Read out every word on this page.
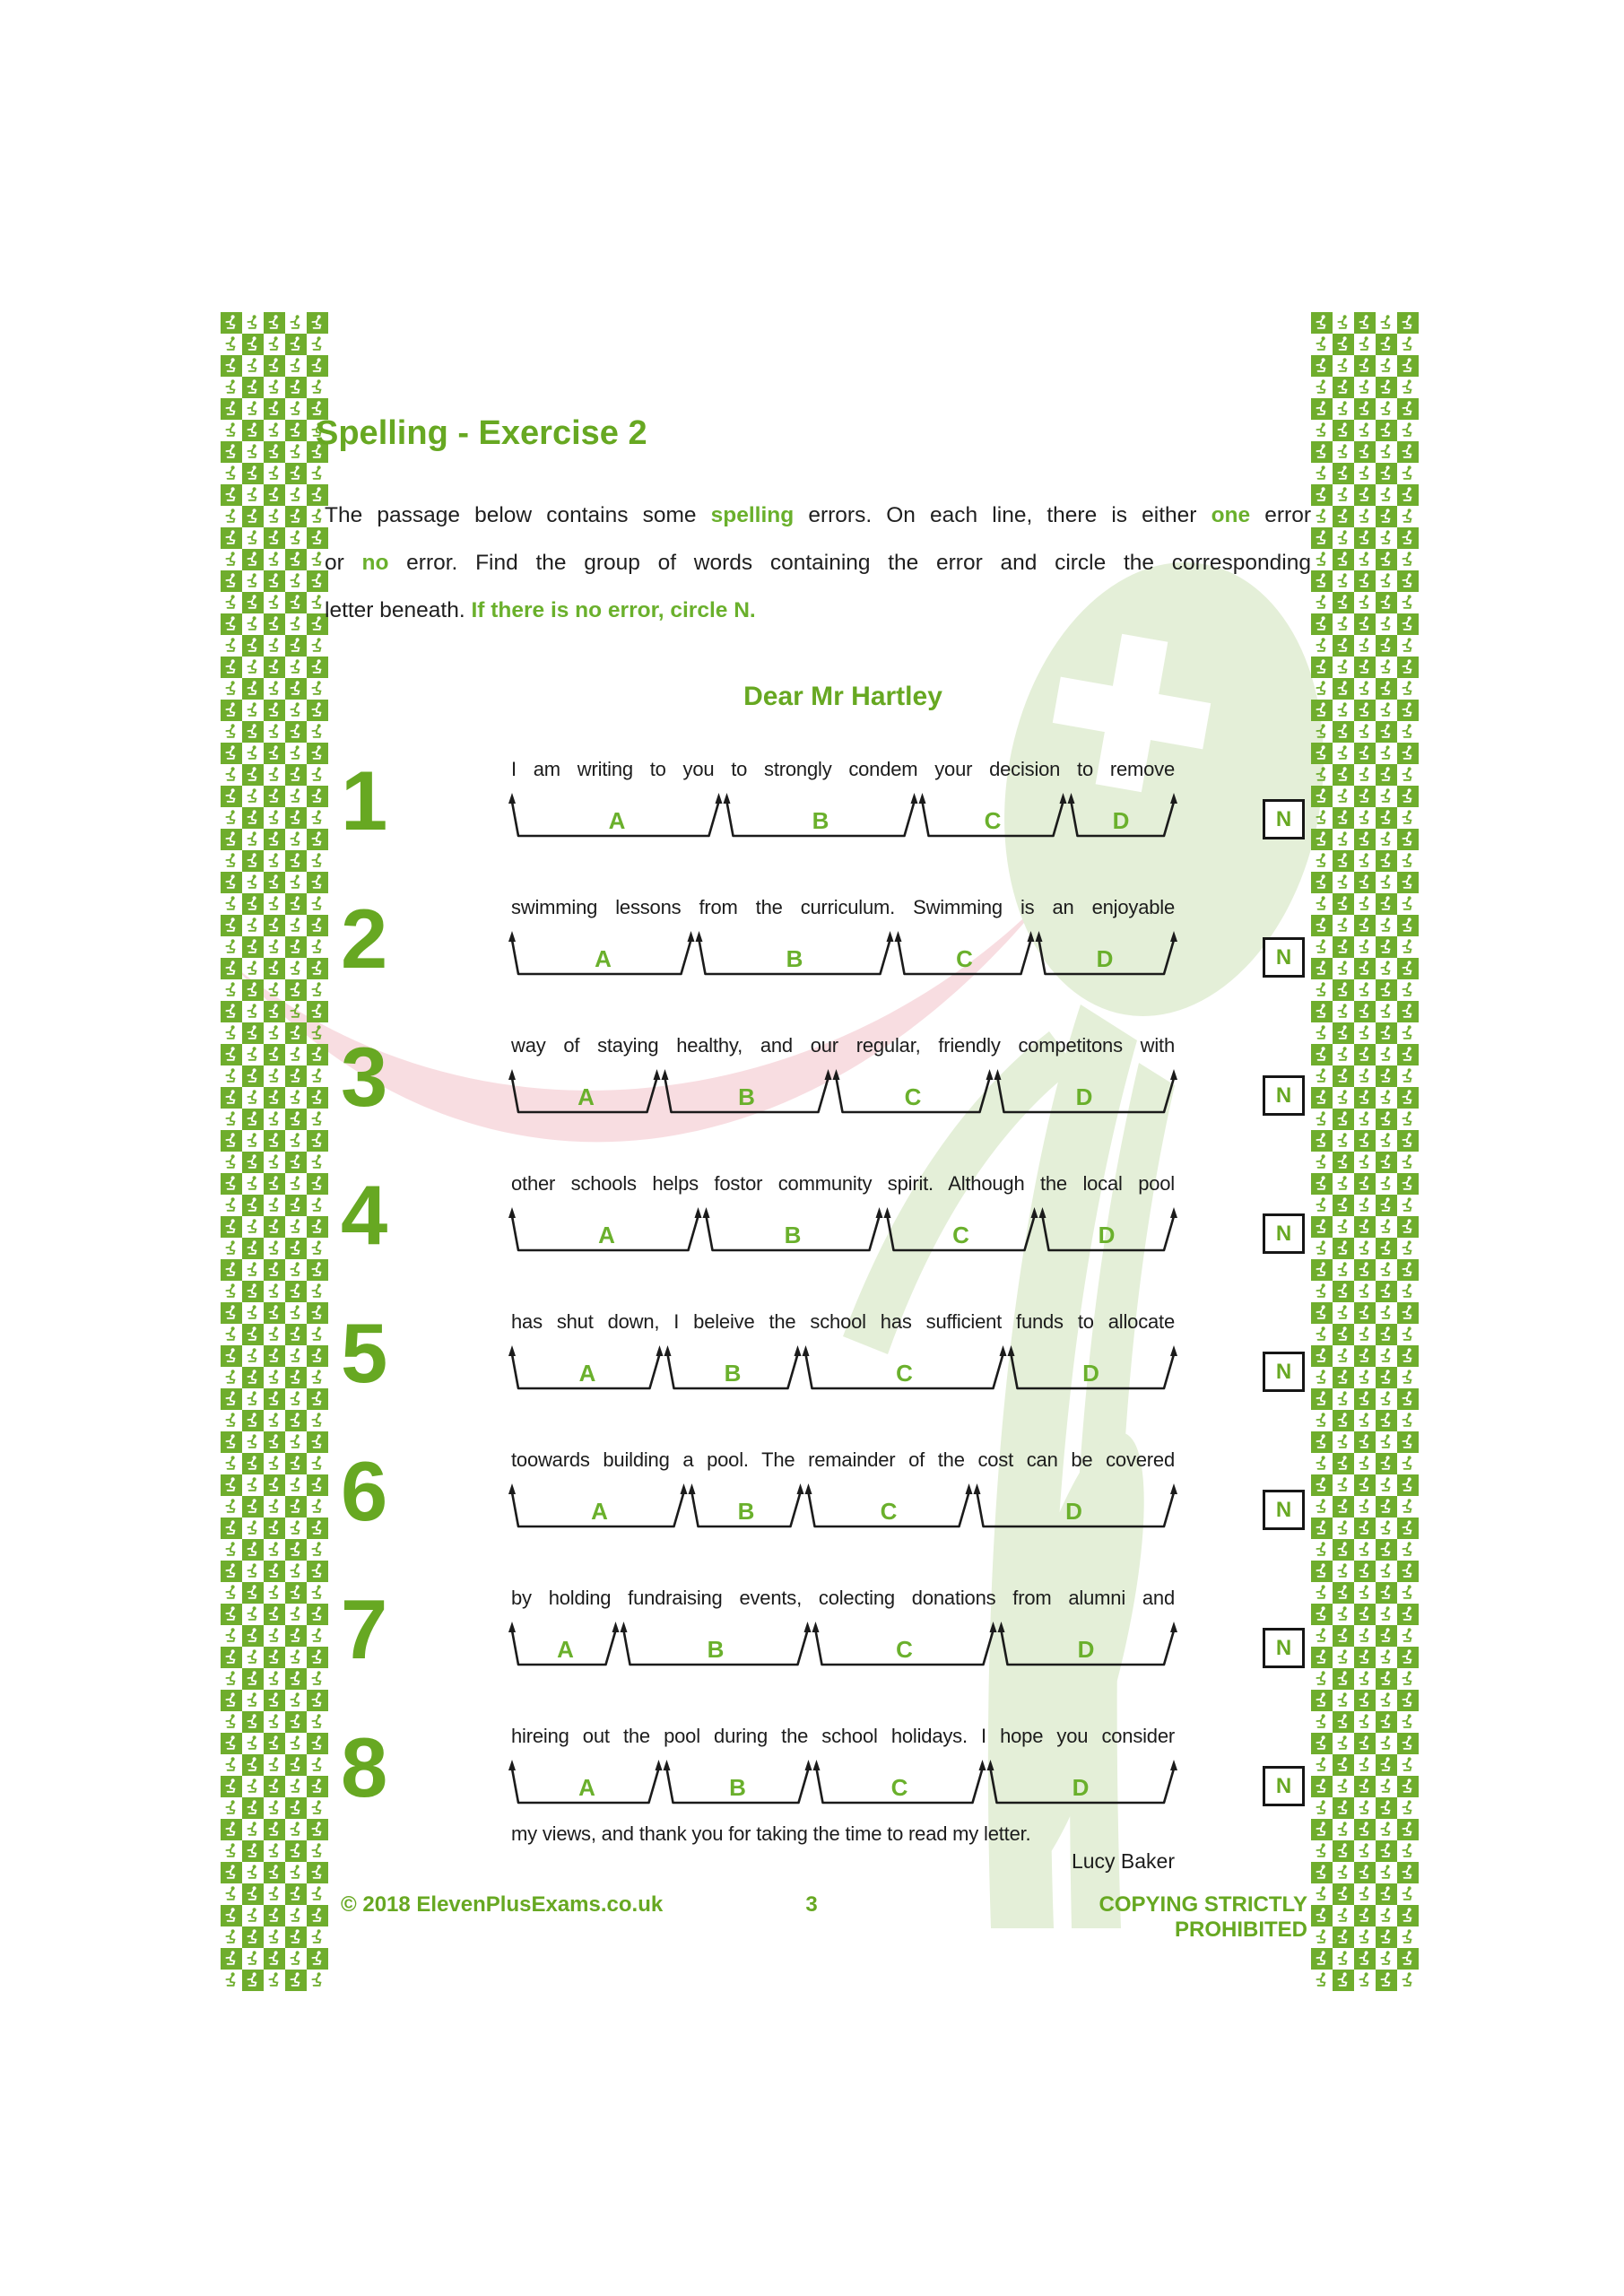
Spelling - Exercise 2
The passage below contains some spelling errors. On each line, there is either one error
or no error. Find the group of words containing the error and circle the corresponding
letter beneath. If there is no error, circle N.
Dear Mr Hartley
1	I am writing to you to strongly condem your decision to remove
A	B	C	D	N
2	swimming lessons from the curriculum. Swimming is an enjoyable
A	B	C	D	N
3	way of staying healthy, and our regular, friendly competitons with
A	B	C	D	N
4	other schools helps fostor community spirit. Although the local pool
A	B	C	D	N
5	has shut down, I beleive the school has sufficient funds to allocate
A	B	C	D	N
6	toowards building a pool. The remainder of the cost can be covered
A	B	C	D	N
7	by holding fundraising events, colecting donations from alumni and
A	B	C	D	N
8	hireing out the pool during the school holidays. I hope you consider
A	B	C	D	N
my views, and thank you for taking the time to read my letter.
Lucy Baker
© 2018 ElevenPlusExams.co.uk	3	COPYING STRICTLY PROHIBITED
